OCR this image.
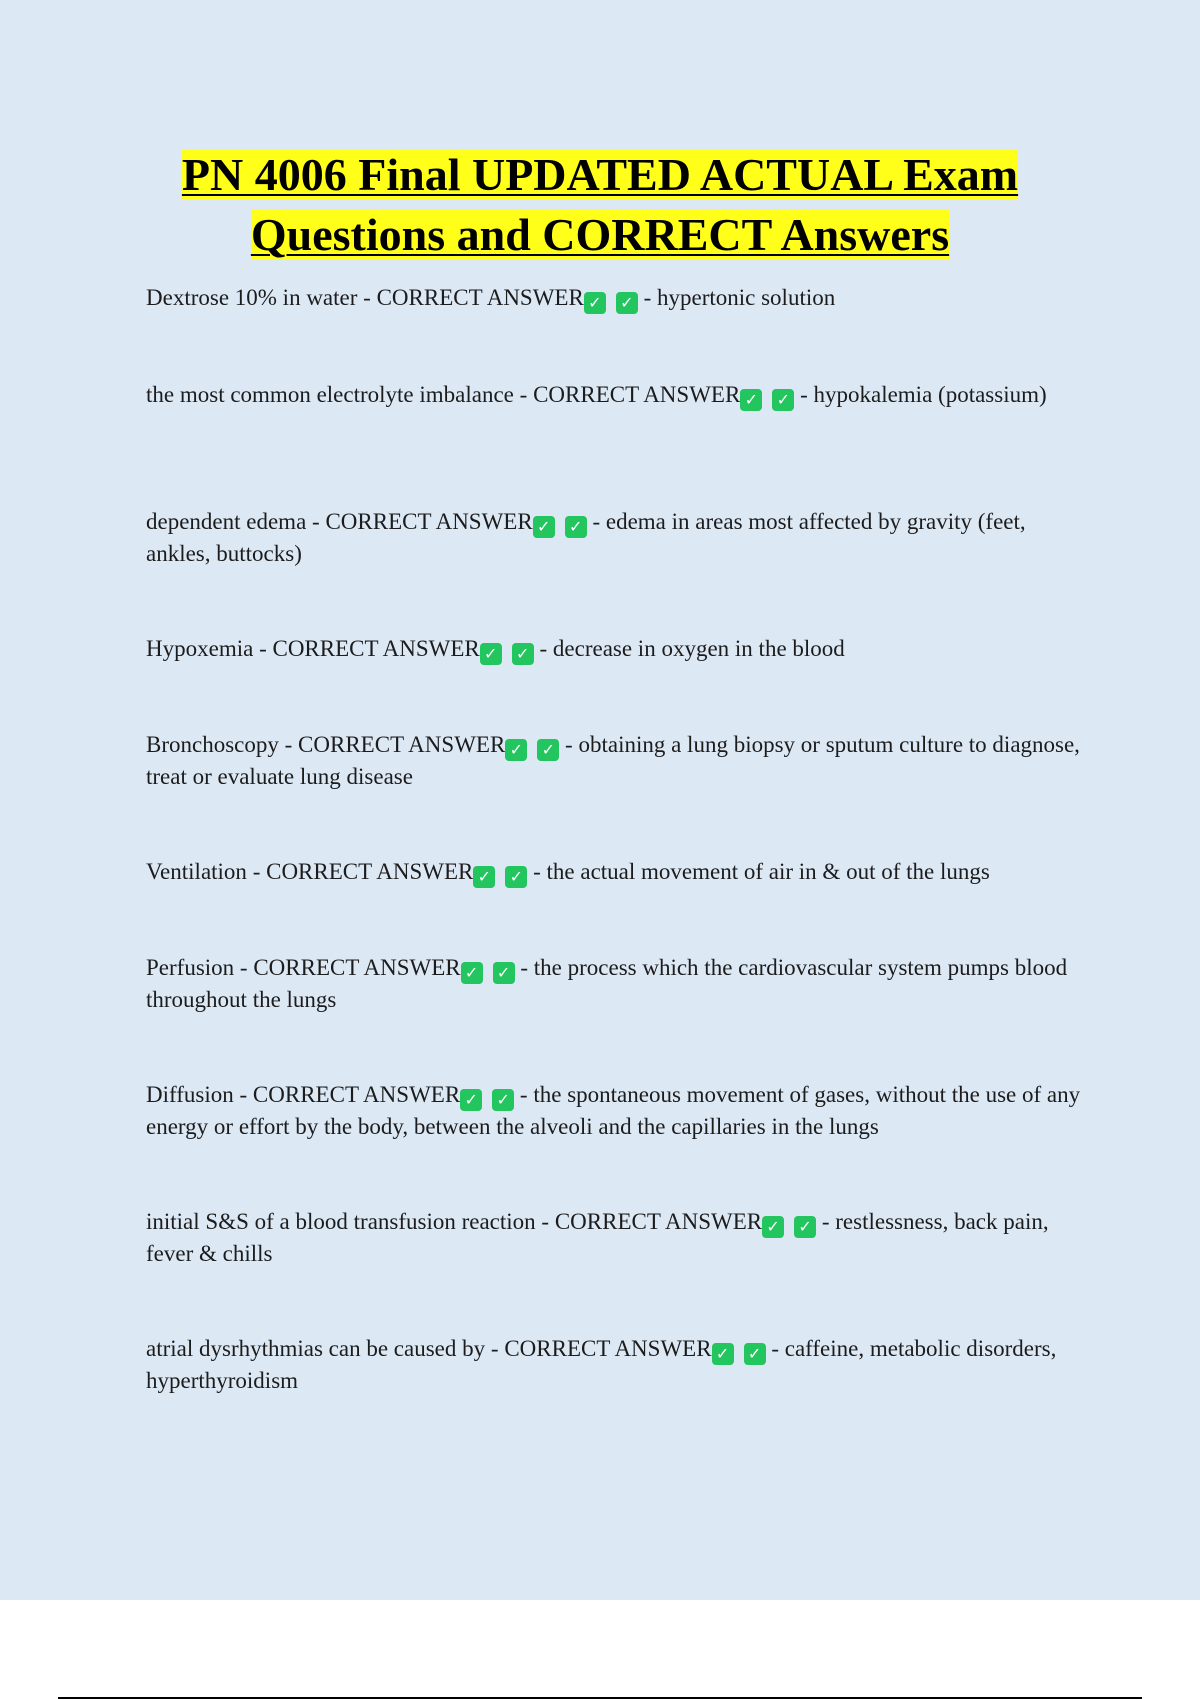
PN 4006 Final UPDATED ACTUAL Exam
Questions and CORRECT Answers
Dextrose 10% in water - CORRECT ANSWER ✓ ✓ - hypertonic solution
the most common electrolyte imbalance - CORRECT ANSWER ✓ ✓ - hypokalemia (potassium)
dependent edema - CORRECT ANSWER ✓ ✓ - edema in areas most affected by gravity (feet, ankles, buttocks)
Hypoxemia - CORRECT ANSWER ✓ ✓ - decrease in oxygen in the blood
Bronchoscopy - CORRECT ANSWER ✓ ✓ - obtaining a lung biopsy or sputum culture to diagnose, treat or evaluate lung disease
Ventilation - CORRECT ANSWER ✓ ✓ - the actual movement of air in & out of the lungs
Perfusion - CORRECT ANSWER ✓ ✓ - the process which the cardiovascular system pumps blood throughout the lungs
Diffusion - CORRECT ANSWER ✓ ✓ - the spontaneous movement of gases, without the use of any energy or effort by the body, between the alveoli and the capillaries in the lungs
initial S&S of a blood transfusion reaction - CORRECT ANSWER ✓ ✓ - restlessness, back pain, fever & chills
atrial dysrhythmias can be caused by - CORRECT ANSWER ✓ ✓ - caffeine, metabolic disorders, hyperthyroidism
